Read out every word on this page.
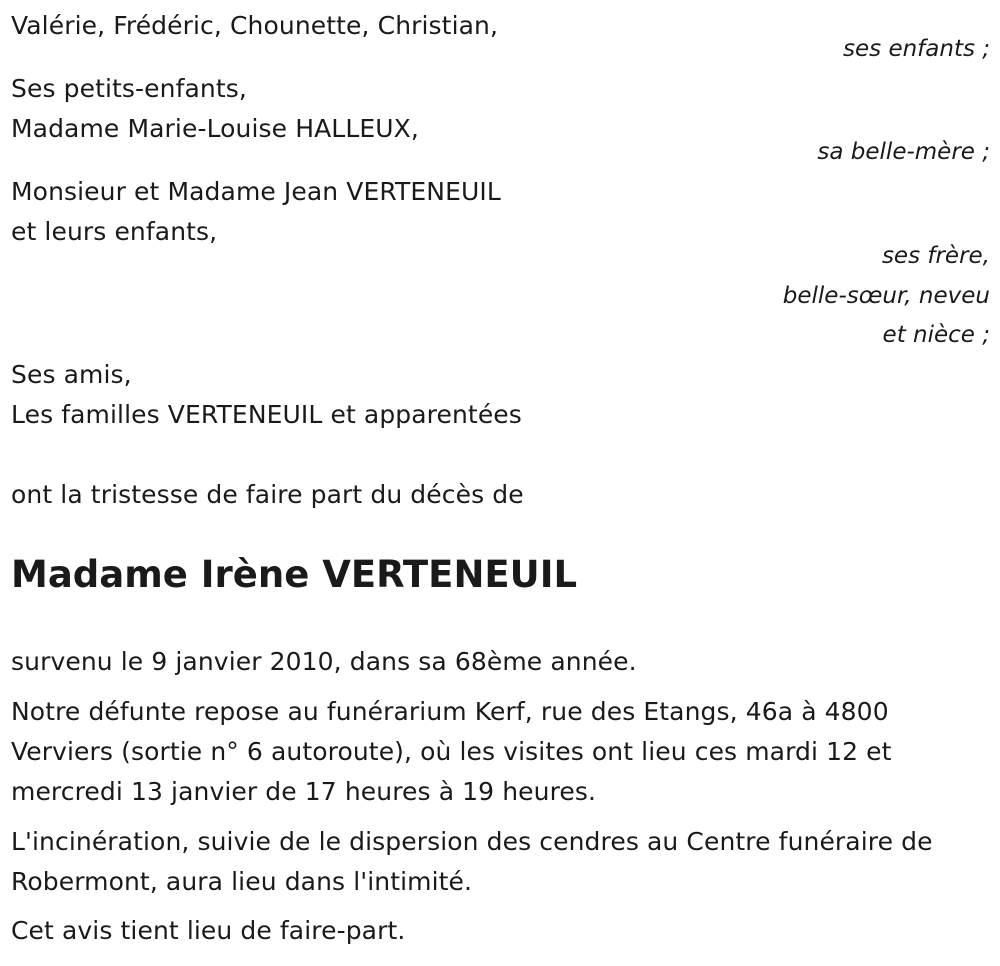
Valérie, Frédéric, Chounette, Christian,
ses enfants ;
Ses petits-enfants,
Madame Marie-Louise HALLEUX,
sa belle-mère ;
Monsieur et Madame Jean VERTENEUIL
et leurs enfants,
ses frère,
belle-sœur, neveu
et nièce ;
Ses amis,
Les familles VERTENEUIL et apparentées
ont la tristesse de faire part du décès de
Madame Irène VERTENEUIL
survenu le 9 janvier 2010, dans sa 68ème année.
Notre défunte repose au funérarium Kerf, rue des Etangs, 46a à 4800
Verviers (sortie n° 6 autoroute), où les visites ont lieu ces mardi 12 et
mercredi 13 janvier de 17 heures à 19 heures.
L'incinération, suivie de le dispersion des cendres au Centre funéraire de
Robermont, aura lieu dans l'intimité.
Cet avis tient lieu de faire-part.
